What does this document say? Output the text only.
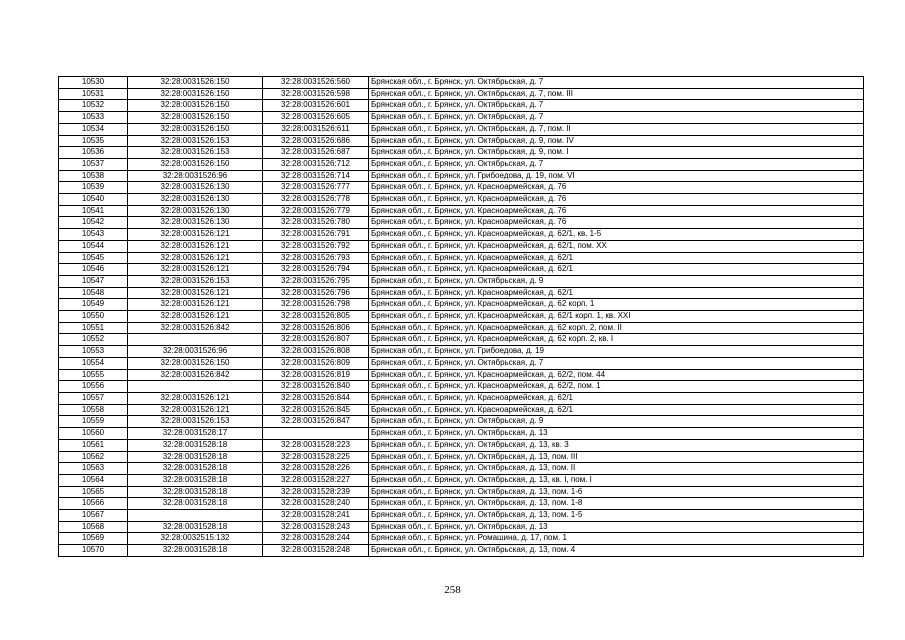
10530	32:28:0031526:150	32:28:0031526:560	Брянская обл., г. Брянск, ул. Октябрьская, д. 7
10531	32:28:0031526:150	32:28:0031526:598	Брянская обл., г. Брянск, ул. Октябрьская, д. 7, пом. III
10532	32:28:0031526:150	32:28:0031526:601	Брянская обл., г. Брянск, ул. Октябрьская, д. 7
10533	32:28:0031526:150	32:28:0031526:605	Брянская обл., г. Брянск, ул. Октябрьская, д. 7
10534	32:28:0031526:150	32:28:0031526:611	Брянская обл., г. Брянск, ул. Октябрьская, д. 7, пом. II
10535	32:28:0031526:153	32:28:0031526:686	Брянская обл., г. Брянск, ул. Октябрьская, д. 9, пом. IV
10536	32:28:0031526:153	32:28:0031526:687	Брянская обл., г. Брянск, ул. Октябрьская, д. 9, пом. I
10537	32:28:0031526:150	32:28:0031526:712	Брянская обл., г. Брянск, ул. Октябрьская, д. 7
10538	32:28:0031526:96	32:28:0031526:714	Брянская обл., г. Брянск, ул. Грибоедова, д. 19, пом. VI
10539	32:28:0031526:130	32:28:0031526:777	Брянская обл., г. Брянск, ул. Красноармейская, д. 76
10540	32:28:0031526:130	32:28:0031526:778	Брянская обл., г. Брянск, ул. Красноармейская, д. 76
10541	32:28:0031526:130	32:28:0031526:779	Брянская обл., г. Брянск, ул. Красноармейская, д. 76
10542	32:28:0031526:130	32:28:0031526:780	Брянская обл., г. Брянск, ул. Красноармейская, д. 76
10543	32:28:0031526:121	32:28:0031526:791	Брянская обл., г. Брянск, ул. Красноармейская, д. 62/1, кв. 1-5
10544	32:28:0031526:121	32:28:0031526:792	Брянская обл., г. Брянск, ул. Красноармейская, д. 62/1, пом. XX
10545	32:28:0031526:121	32:28:0031526:793	Брянская обл., г. Брянск, ул. Красноармейская, д. 62/1
10546	32:28:0031526:121	32:28:0031526:794	Брянская обл., г. Брянск, ул. Красноармейская, д. 62/1
10547	32:28:0031526:153	32:28:0031526:795	Брянская обл., г. Брянск, ул. Октябрьская, д. 9
10548	32:28:0031526:121	32:28:0031526:796	Брянская обл., г. Брянск, ул. Красноармейская, д. 62/1
10549	32:28:0031526:121	32:28:0031526:798	Брянская обл., г. Брянск, ул. Красноармейская, д. 62 корп. 1
10550	32:28:0031526:121	32:28:0031526:805	Брянская обл., г. Брянск, ул. Красноармейская, д. 62/1 корп. 1, кв. XXI
10551	32:28:0031526:842	32:28:0031526:806	Брянская обл., г. Брянск, ул. Красноармейская, д. 62 корп. 2, пом. II
10552		32:28:0031526:807	Брянская обл., г. Брянск, ул. Красноармейская, д. 62 корп. 2, кв. I
10553	32:28:0031526:96	32:28:0031526:808	Брянская обл., г. Брянск, ул. Грибоедова, д. 19
10554	32:28:0031526:150	32:28:0031526:809	Брянская обл., г. Брянск, ул. Октябрьская, д. 7
10555	32:28:0031526:842	32:28:0031526:819	Брянская обл., г. Брянск, ул. Красноармейская, д. 62/2, пом. 44
10556		32:28:0031526:840	Брянская обл., г. Брянск, ул. Красноармейская, д. 62/2, пом. 1
10557	32:28:0031526:121	32:28:0031526:844	Брянская обл., г. Брянск, ул. Красноармейская, д. 62/1
10558	32:28:0031526:121	32:28:0031526:845	Брянская обл., г. Брянск, ул. Красноармейская, д. 62/1
10559	32:28:0031526:153	32:28:0031526:847	Брянская обл., г. Брянск, ул. Октябрьская, д. 9
10560	32:28:0031528:17		Брянская обл., г. Брянск, ул. Октябрьская, д. 13
10561	32:28:0031528:18	32:28:0031528:223	Брянская обл., г. Брянск, ул. Октябрьская, д. 13, кв. 3
10562	32:28:0031528:18	32:28:0031528:225	Брянская обл., г. Брянск, ул. Октябрьская, д. 13, пом. III
10563	32:28:0031528:18	32:28:0031528:226	Брянская обл., г. Брянск, ул. Октябрьская, д. 13, пом. II
10564	32:28:0031528:18	32:28:0031528:227	Брянская обл., г. Брянск, ул. Октябрьская, д. 13, кв. I, пом. I
10565	32:28:0031528:18	32:28:0031528:239	Брянская обл., г. Брянск, ул. Октябрьская, д. 13, пом. 1-6
10566	32:28:0031528:18	32:28:0031528:240	Брянская обл., г. Брянск, ул. Октябрьская, д. 13, пом. 1-8
10567		32:28:0031528:241	Брянская обл., г. Брянск, ул. Октябрьская, д. 13, пом. 1-5
10568	32:28:0031528:18	32:28:0031528:243	Брянская обл., г. Брянск, ул. Октябрьская, д. 13
10569	32:28:0032515:132	32:28:0031528:244	Брянская обл., г. Брянск, ул. Ромашина, д. 17, пом. 1
10570	32:28:0031528:18	32:28:0031528:248	Брянская обл., г. Брянск, ул. Октябрьская, д. 13, пом. 4
258
